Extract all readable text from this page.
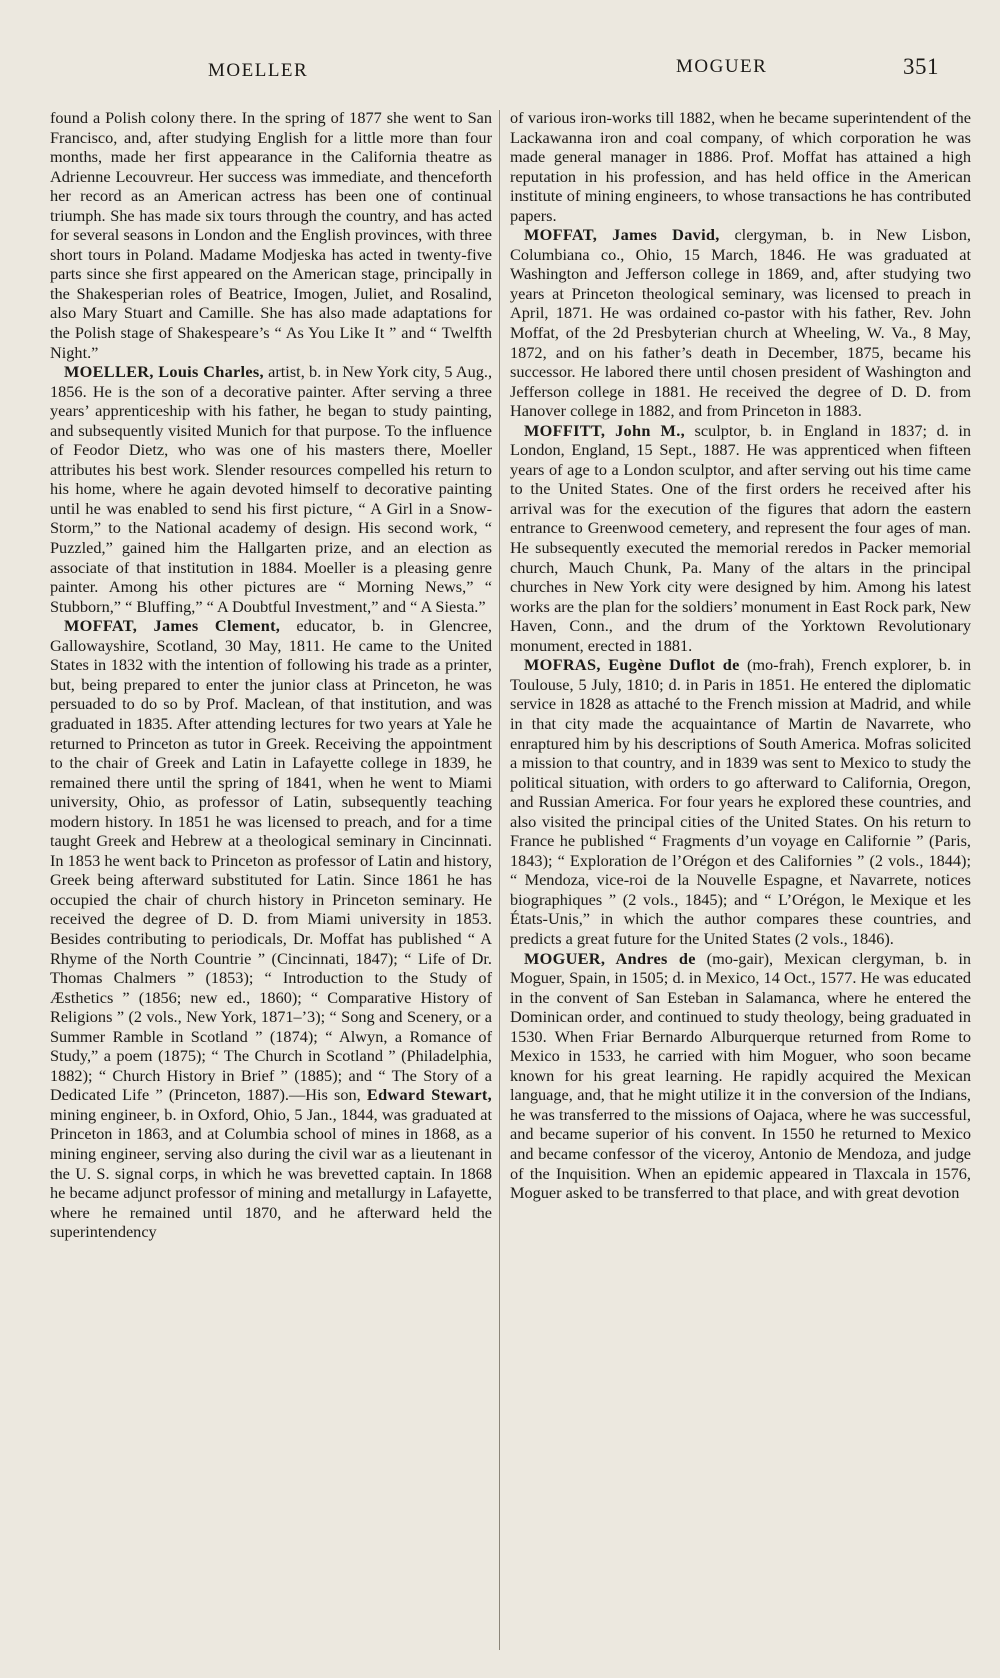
MOELLER	MOGUER	351

found a Polish colony there. In the spring of 1877 she went to San Francisco, and, after studying English for a little more than four months, made her first appearance in the California theatre as Adrienne Lecouvreur. Her success was immediate, and thenceforth her record as an American actress has been one of continual triumph. She has made six tours through the country, and has acted for several seasons in London and the English provinces, with three short tours in Poland. Madame Modjeska has acted in twenty-five parts since she first appeared on the American stage, principally in the Shakesperian roles of Beatrice, Imogen, Juliet, and Rosalind, also Mary Stuart and Camille. She has also made adaptations for the Polish stage of Shakespeare’s “ As You Like It ” and “ Twelfth Night.”

MOELLER, Louis Charles, artist, b. in New York city, 5 Aug., 1856. He is the son of a decorative painter. After serving a three years’ apprenticeship with his father, he began to study painting, and subsequently visited Munich for that purpose. To the influence of Feodor Dietz, who was one of his masters there, Moeller attributes his best work. Slender resources compelled his return to his home, where he again devoted himself to decorative painting until he was enabled to send his first picture, “ A Girl in a Snow-Storm,” to the National academy of design. His second work, “ Puzzled,” gained him the Hallgarten prize, and an election as associate of that institution in 1884. Moeller is a pleasing genre painter. Among his other pictures are “ Morning News,” “ Stubborn,” “ Bluffing,” “ A Doubtful Investment,” and “ A Siesta.”

MOFFAT, James Clement, educator, b. in Glencree, Gallowayshire, Scotland, 30 May, 1811. He came to the United States in 1832 with the intention of following his trade as a printer, but, being prepared to enter the junior class at Princeton, he was persuaded to do so by Prof. Maclean, of that institution, and was graduated in 1835. After attending lectures for two years at Yale he returned to Princeton as tutor in Greek. Receiving the appointment to the chair of Greek and Latin in Lafayette college in 1839, he remained there until the spring of 1841, when he went to Miami university, Ohio, as professor of Latin, subsequently teaching modern history. In 1851 he was licensed to preach, and for a time taught Greek and Hebrew at a theological seminary in Cincinnati. In 1853 he went back to Princeton as professor of Latin and history, Greek being afterward substituted for Latin. Since 1861 he has occupied the chair of church history in Princeton seminary. He received the degree of D. D. from Miami university in 1853. Besides contributing to periodicals, Dr. Moffat has published “ A Rhyme of the North Countrie ” (Cincinnati, 1847); “ Life of Dr. Thomas Chalmers ” (1853); “ Introduction to the Study of Æsthetics ” (1856; new ed., 1860); “ Comparative History of Religions ” (2 vols., New York, 1871–’3); “ Song and Scenery, or a Summer Ramble in Scotland ” (1874); “ Alwyn, a Romance of Study,” a poem (1875); “ The Church in Scotland ” (Philadelphia, 1882); “ Church History in Brief ” (1885); and “ The Story of a Dedicated Life ” (Princeton, 1887).—His son, Edward Stewart, mining engineer, b. in Oxford, Ohio, 5 Jan., 1844, was graduated at Princeton in 1863, and at Columbia school of mines in 1868, as a mining engineer, serving also during the civil war as a lieutenant in the U. S. signal corps, in which he was brevetted captain. In 1868 he became adjunct professor of mining and metallurgy in Lafayette, where he remained until 1870, and he afterward held the superintendency

of various iron-works till 1882, when he became superintendent of the Lackawanna iron and coal company, of which corporation he was made general manager in 1886. Prof. Moffat has attained a high reputation in his profession, and has held office in the American institute of mining engineers, to whose transactions he has contributed papers.

MOFFAT, James David, clergyman, b. in New Lisbon, Columbiana co., Ohio, 15 March, 1846. He was graduated at Washington and Jefferson college in 1869, and, after studying two years at Princeton theological seminary, was licensed to preach in April, 1871. He was ordained co-pastor with his father, Rev. John Moffat, of the 2d Presbyterian church at Wheeling, W. Va., 8 May, 1872, and on his father’s death in December, 1875, became his successor. He labored there until chosen president of Washington and Jefferson college in 1881. He received the degree of D. D. from Hanover college in 1882, and from Princeton in 1883.

MOFFITT, John M., sculptor, b. in England in 1837; d. in London, England, 15 Sept., 1887. He was apprenticed when fifteen years of age to a London sculptor, and after serving out his time came to the United States. One of the first orders he received after his arrival was for the execution of the figures that adorn the eastern entrance to Greenwood cemetery, and represent the four ages of man. He subsequently executed the memorial reredos in Packer memorial church, Mauch Chunk, Pa. Many of the altars in the principal churches in New York city were designed by him. Among his latest works are the plan for the soldiers’ monument in East Rock park, New Haven, Conn., and the drum of the Yorktown Revolutionary monument, erected in 1881.

MOFRAS, Eugène Duflot de (mo-frah), French explorer, b. in Toulouse, 5 July, 1810; d. in Paris in 1851. He entered the diplomatic service in 1828 as attaché to the French mission at Madrid, and while in that city made the acquaintance of Martin de Navarrete, who enraptured him by his descriptions of South America. Mofras solicited a mission to that country, and in 1839 was sent to Mexico to study the political situation, with orders to go afterward to California, Oregon, and Russian America. For four years he explored these countries, and also visited the principal cities of the United States. On his return to France he published “ Fragments d’un voyage en Californie ” (Paris, 1843); “ Exploration de l’Orégon et des Californies ” (2 vols., 1844); “ Mendoza, vice-roi de la Nouvelle Espagne, et Navarrete, notices biographiques ” (2 vols., 1845); and “ L’Orégon, le Mexique et les États-Unis,” in which the author compares these countries, and predicts a great future for the United States (2 vols., 1846).

MOGUER, Andres de (mo-gair), Mexican clergyman, b. in Moguer, Spain, in 1505; d. in Mexico, 14 Oct., 1577. He was educated in the convent of San Esteban in Salamanca, where he entered the Dominican order, and continued to study theology, being graduated in 1530. When Friar Bernardo Alburquerque returned from Rome to Mexico in 1533, he carried with him Moguer, who soon became known for his great learning. He rapidly acquired the Mexican language, and, that he might utilize it in the conversion of the Indians, he was transferred to the missions of Oajaca, where he was successful, and became superior of his convent. In 1550 he returned to Mexico and became confessor of the viceroy, Antonio de Mendoza, and judge of the Inquisition. When an epidemic appeared in Tlaxcala in 1576, Moguer asked to be transferred to that place, and with great devotion
